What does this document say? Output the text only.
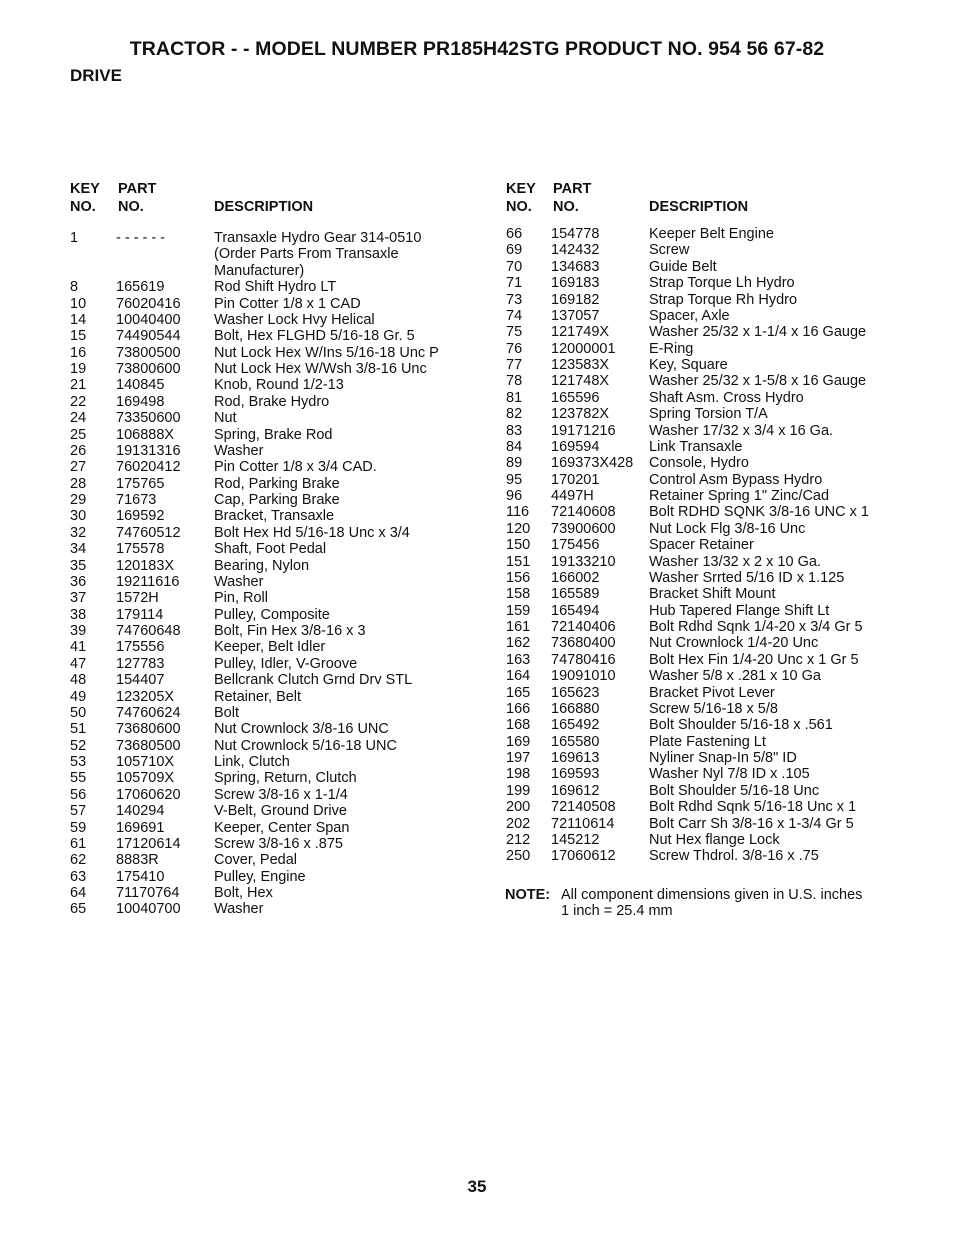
TRACTOR - - MODEL NUMBER PR185H42STG PRODUCT NO. 954 56 67-82
DRIVE
KEY
NO.
PART
NO.	DESCRIPTION
KEY
NO.
PART
NO.	DESCRIPTION
1	- - - - - -	Transaxle Hydro Gear 314-0510
(Order Parts From Transaxle
Manufacturer)
8	165619	Rod Shift Hydro LT
10 76020416 Pin Cotter 1/8 x 1 CAD
14 10040400 Washer Lock Hvy Helical
15 74490544 Bolt, Hex FLGHD 5/16-18 Gr. 5
16 73800500 Nut Lock Hex W/Ins 5/16-18 Unc P
19 73800600 Nut Lock Hex W/Wsh 3/8-16 Unc
21 140845	Knob, Round 1/2-13
22 169498	Rod, Brake Hydro
24 73350600 Nut
25 106888X	Spring, Brake Rod
26 19131316 Washer
27 76020412 Pin Cotter 1/8 x 3/4 CAD.
28 175765	Rod, Parking Brake
29 71673	Cap, Parking Brake
30 169592	Bracket, Transaxle
32 74760512 Bolt Hex Hd 5/16-18 Unc x 3/4
34 175578	Shaft, Foot Pedal
35 120183X	Bearing, Nylon
36 19211616 Washer
37 1572H	Pin, Roll
38 179114	Pulley, Composite
39 74760648 Bolt, Fin Hex 3/8-16 x 3
41 175556	Keeper, Belt Idler
47 127783	Pulley, Idler, V-Groove
48 154407	Bellcrank Clutch Grnd Drv STL
49 123205X	Retainer, Belt
50 74760624 Bolt
51 73680600 Nut Crownlock 3/8-16 UNC
52 73680500 Nut Crownlock 5/16-18 UNC
53 105710X	Link, Clutch
55 105709X	Spring, Return, Clutch
56 17060620 Screw 3/8-16 x 1-1/4
57 140294	V-Belt, Ground Drive
59 169691	Keeper, Center Span
61 17120614 Screw 3/8-16 x .875
62 8883R	Cover, Pedal
63 175410	Pulley, Engine
64 71170764 Bolt, Hex
65 10040700 Washer
66 154778	Keeper Belt Engine
69 142432	Screw
70 134683	Guide Belt
71 169183	Strap Torque Lh Hydro
73 169182	Strap Torque Rh Hydro
74 137057	Spacer, Axle
75 121749X	Washer 25/32 x 1-1/4 x 16 Gauge
76 12000001 E-Ring
77 123583X	Key, Square
78 121748X	Washer 25/32 x 1-5/8 x 16 Gauge
81 165596	Shaft Asm. Cross Hydro
82 123782X	Spring Torsion T/A
83 19171216 Washer 17/32 x 3/4 x 16 Ga.
84 169594	Link Transaxle
89 169373X428 Console, Hydro
95 170201	Control Asm Bypass Hydro
96 4497H	Retainer Spring 1" Zinc/Cad
116 72140608 Bolt RDHD SQNK 3/8-16 UNC x 1
120 73900600 Nut Lock Flg 3/8-16 Unc
150 175456	Spacer Retainer
151 19133210 Washer 13/32 x 2 x 10 Ga.
156 166002	Washer Srrted 5/16 ID x 1.125
158 165589	Bracket Shift Mount
159 165494	Hub Tapered Flange Shift Lt
161 72140406 Bolt Rdhd Sqnk 1/4-20 x 3/4 Gr 5
162 73680400 Nut Crownlock 1/4-20 Unc
163 74780416 Bolt Hex Fin 1/4-20 Unc x 1 Gr 5
164 19091010 Washer 5/8 x .281 x 10 Ga
165 165623	Bracket Pivot Lever
166 166880	Screw 5/16-18 x 5/8
168 165492	Bolt Shoulder 5/16-18 x .561
169 165580	Plate Fastening Lt
197 169613	Nyliner Snap-In 5/8" ID
198 169593	Washer Nyl 7/8 ID x .105
199 169612	Bolt Shoulder 5/16-18 Unc
200 72140508 Bolt Rdhd Sqnk 5/16-18 Unc x 1
202 72110614 Bolt Carr Sh 3/8-16 x 1-3/4 Gr 5
212 145212	Nut Hex flange Lock
250 17060612 Screw Thdrol. 3/8-16 x .75
NOTE: All component dimensions given in U.S. inches
1 inch = 25.4 mm
35
